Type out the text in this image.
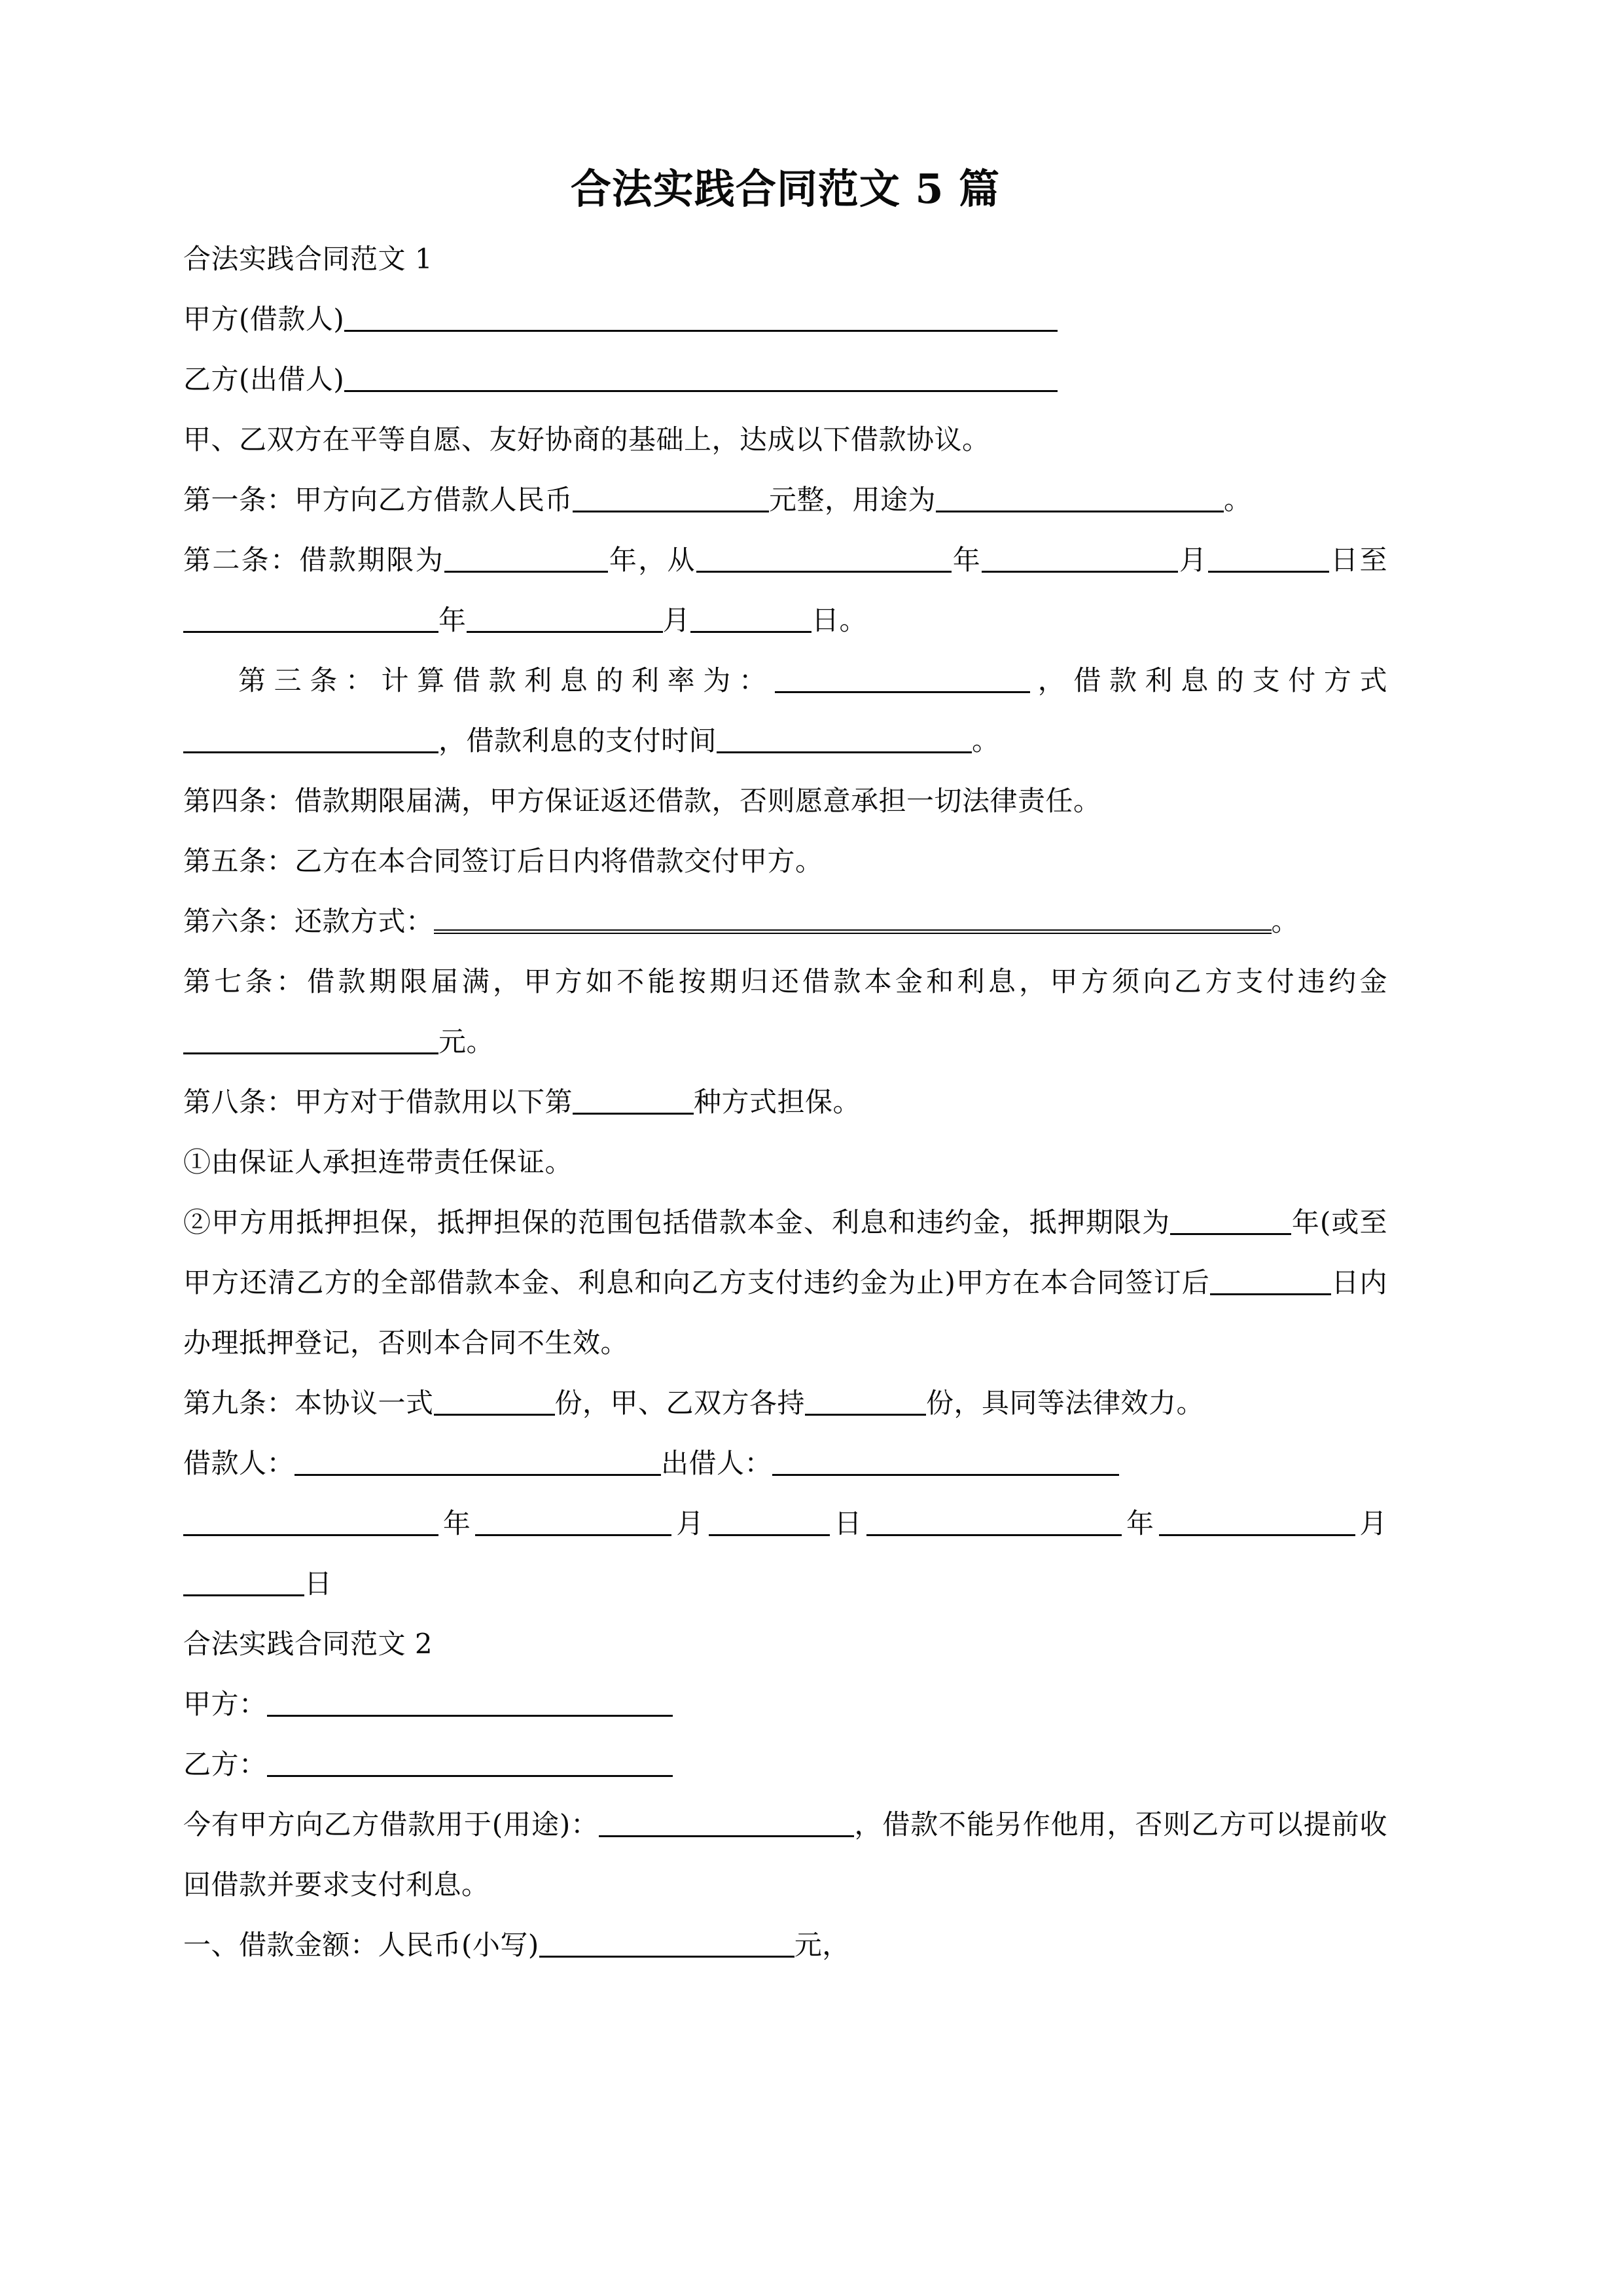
合法实践合同范文 5 篇

合法实践合同范文 1

甲方(借款人)

乙方(出借人)

甲、乙双方在平等自愿、友好协商的基础上，达成以下借款协议。

第一条：甲方向乙方借款人民币	元整，用途为	。

第二条：借款期限为	年，从	年	月	日至年	月	日。

第三条：计算借款利息的利率为：	，借款利息的支付方式，借款利息的支付时间	。

第四条：借款期限届满，甲方保证返还借款，否则愿意承担一切法律责任。

第五条：乙方在本合同签订后日内将借款交付甲方。

第六条：还款方式：	。

第七条：借款期限届满，甲方如不能按期归还借款本金和利息，甲方须向乙方支付违约金元。

第八条：甲方对于借款用以下第	种方式担保。

①由保证人承担连带责任保证。

②甲方用抵押担保，抵押担保的范围包括借款本金、利息和违约金，抵押期限为	年(或至甲方还清乙方的全部借款本金、利息和向乙方支付违约金为止)甲方在本合同签订后	日内办理抵押登记，否则本合同不生效。

第九条：本协议一式	份，甲、乙双方各持	份，具同等法律效力。

借款人：	出借人：

年	月	日	年	月日

合法实践合同范文 2

甲方：

乙方：

今有甲方向乙方借款用于(用途)：	，借款不能另作他用，否则乙方可以提前收回借款并要求支付利息。

一、借款金额：人民币(小写)	元，
